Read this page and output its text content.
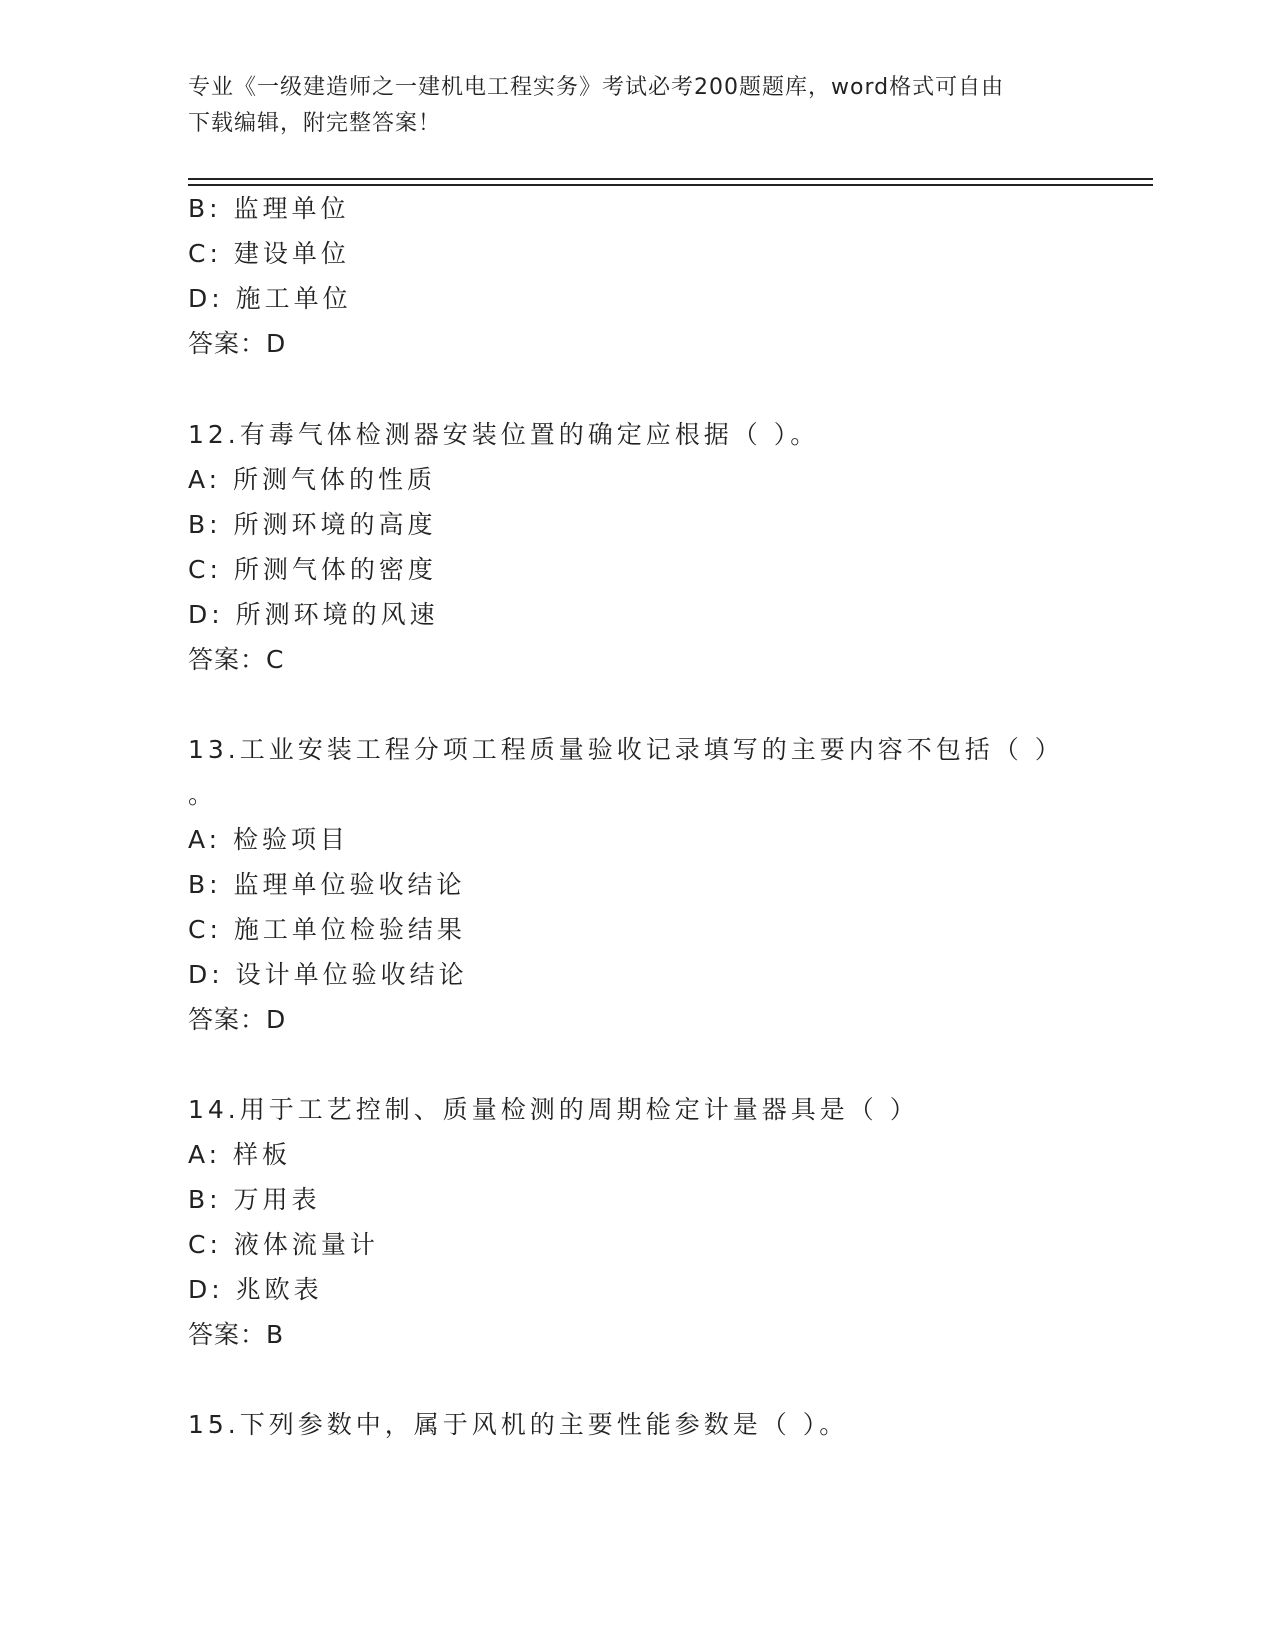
专业《一级建造师之一建机电工程实务》考试必考200题题库，word格式可自由
下载编辑，附完整答案！
B: 监理单位
C: 建设单位
D: 施工单位
答案：D
12.有毒气体检测器安装位置的确定应根据（ ）。
A: 所测气体的性质
B: 所测环境的高度
C: 所测气体的密度
D: 所测环境的风速
答案：C
13.工业安装工程分项工程质量验收记录填写的主要内容不包括（ ）
。
A: 检验项目
B: 监理单位验收结论
C: 施工单位检验结果
D: 设计单位验收结论
答案：D
14.用于工艺控制、质量检测的周期检定计量器具是（ ）
A: 样板
B: 万用表
C: 液体流量计
D: 兆欧表
答案：B
15.下列参数中，属于风机的主要性能参数是（ ）。
